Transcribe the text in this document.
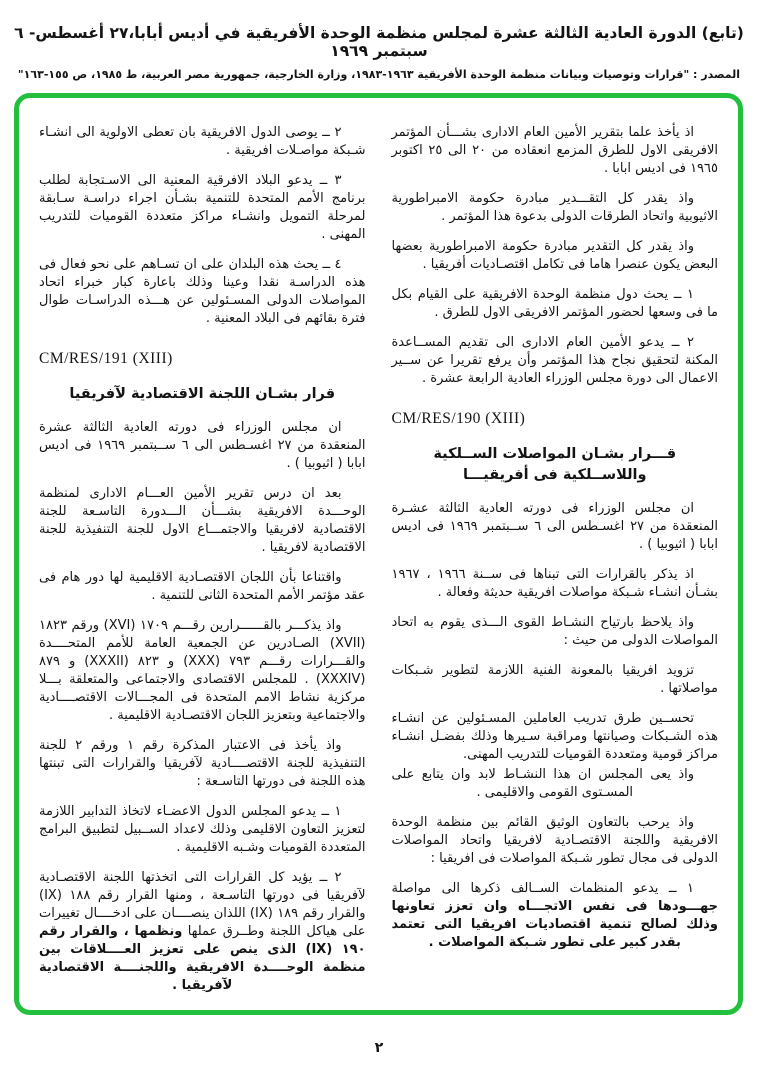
(تابع) الدورة العادية الثالثة عشرة لمجلس منظمة الوحدة الأفريقية في أديس أبابا،٢٧ أغسطس- ٦ سبتمبر ١٩٦٩
المصدر : "قرارات وتوصيات وبيانات منظمة الوحدة الأفريقية ١٩٦٣-١٩٨٣، وزارة الخارجية، جمهورية مصر العربية، ط ١٩٨٥، ص ١٥٥-١٦٣"

اذ يأخذ علما بتقرير الأمين العام الادارى بشـــأن المؤتمر الافريقى الاول للطرق المزمع انعقاده من ٢٠ الى ٢٥ اكتوبر ١٩٦٥ فى اديس ابابا .

واذ يقدر كل التقـــدير مبادرة حكومة الامبراطورية الاثيوبية واتحاد الطرقات الدولى بدعوة هذا المؤتمر .

واذ يقدر كل التقدير مبادرة حكومة الامبراطورية بعضها البعض يكون عنصرا هاما فى تكامل اقتصـاديات أفريقيا .

١ ــ يحث دول منظمة الوحدة الافريقية على القيام بكل ما فى وسعها لحضور المؤتمر الافريقى الاول للطرق .

٢ ــ يدعو الأمين العام الادارى الى تقديم المســاعدة المكنة لتحقيق نجاح هذا المؤتمر وأن يرفع تقريرا عن ســير الاعمال الى دورة مجلس الوزراء العادية الرابعة عشرة .

CM/RES/190 (XIII)
قـــرار بشـان المواصلات الســلكية
واللاســلكية فى أفريقيـــا

ان مجلس الوزراء فى دورته العادية الثالثة عشـرة المنعقدة من ٢٧ اغسـطس الى ٦ ســبتمبر ١٩٦٩ فى اديس ابابا ( اثيوبيا ) .

اذ يذكر بالقرارات التى تبناها فى ســنة ١٩٦٦ ، ١٩٦٧ بشـأن انشـاء شـبكة مواصلات افريقية حديثة وفعالة .

واذ يلاحظ بارتياح النشـاط القوى الـــذى يقوم به اتحاد المواصلات الدولى من حيث :

تزويد افريقيا بالمعونة الفنية اللازمة لتطوير شـبكات مواصلاتها .

تحســين طرق تدريب العاملين المسـئولين عن انشـاء هذه الشـبكات وصيانتها ومراقبة سـيرها وذلك بفضـل انشـاء مراكز قومية ومتعددة القوميات للتدريب المهنى.

واذ يعى المجلس ان هذا النشـاط لابد وان يتابع على المسـتوى القومى والاقليمى .

واذ يرحب بالتعاون الوثيق القائم بين منظمة الوحدة الافريقية واللجنة الاقتصـادية لافريقيا واتحاد المواصلات الدولى فى مجال تطور شـبكة المواصلات فى افريقيا :

١ ــ يدعو المنظمات الســالف ذكرها الى مواصلة جهـــودها فى نفس الاتجـــاه وان تعزز تعاونها وذلك لصالح تنمية اقتصاديات افريقيا التى تعتمد بقدر كبير على تطور شـبكة المواصلات .

٢ ــ يوصى الدول الافريقية بان تعطى الاولوية الى انشـاء شـبكة مواصـلات افريقية .

٣ ــ يدعو البلاد الافرقية المعنية الى الاسـتجابة لطلب برنامج الأمم المتحدة للتنمية بشـأن اجراء دراسـة سـابقة لمرحلة التمويل وانشـاء مراكز متعددة القوميات للتدريب المهنى .

٤ ــ يحث هذه البلدان على ان تسـاهم على نحو فعال فى هذه الدراسـة نقدا وعينا وذلك باعارة كبار خبراء اتحاد المواصلات الدولى المسـئولين عن هـــذه الدراسـات طوال فترة بقائهم فى البلاد المعنية .

CM/RES/191 (XIII)
قرار بشـان اللجنة الاقتصادية لآفريقيا

ان مجلس الوزراء فى دورته العادية الثالثة عشرة المنعقدة من ٢٧ اغسـطس الى ٦ ســبتمبر ١٩٦٩ فى اديس ابابا ( اثيوبيا ) .

بعد ان درس تقرير الأمين العـــام الادارى لمنظمة الوحـــدة الافريقية بشـــأن الـــدورة التاسـعة للجنة الاقتصادية لافريقيا والاجتمـــاع الاول للجنة التنفيذية للجنة الاقتصادية لافريقيا .

واقتناعا بأن اللجان الاقتصـادية الاقليمية لها دور هام فى عقد مؤتمر الأمم المتحدة الثانى للتنمية .

واذ يذكـــر بالقــــــرارين رقـــم ١٧٠٩ (XVI) ورقم ١٨٢٣ (XVII) الصـادرين عن الجمعية العامة للأمم المتحــــدة والقـــرارات رقـــم ٧٩٣ (XXX) و ٨٢٣ (XXXII) و ٨٧٩ (XXXIV) . للمجلس الاقتصادى والاجتماعى والمتعلقة بـــلا مركزية نشاط الامم المتحدة فى المجـــالات الاقتصــــادية والاجتماعية وبتعزيز اللجان الاقتصـادية الاقليمية .

واذ يأخذ فى الاعتبار المذكرة رقم ١ ورقم ٢ للجنة التنفيذية للجنة الاقتصــــادية لآفريقيا والقرارات التى تبنتها هذه اللجنة فى دورتها التاسـعة :

١ ــ يدعو المجلس الدول الاعضـاء لاتخاذ التدابير اللازمة لتعزيز التعاون الاقليمى وذلك لاعداد الســبيل لتطبيق البرامج المتعددة القوميات وشـبه الاقليمية .

٢ ــ يؤيد كل القرارات التى اتخذتها اللجنة الاقتصـادية لآفريقيا فى دورتها التاسـعة ، ومنها القرار رقم ١٨٨ (IX) والقرار رقم ١٨٩ (IX) اللذان ينصــــان على ادخــــال تغييرات على هياكل اللجنة وطــرق عملها ونظمها ، والقرار رقم ١٩٠ (IX) الذى ينص على تعزيز العــــلاقات بين منظمة الوحــــدة الافريقية واللجنــــة الاقتصادية لآفريقيا .

٢
